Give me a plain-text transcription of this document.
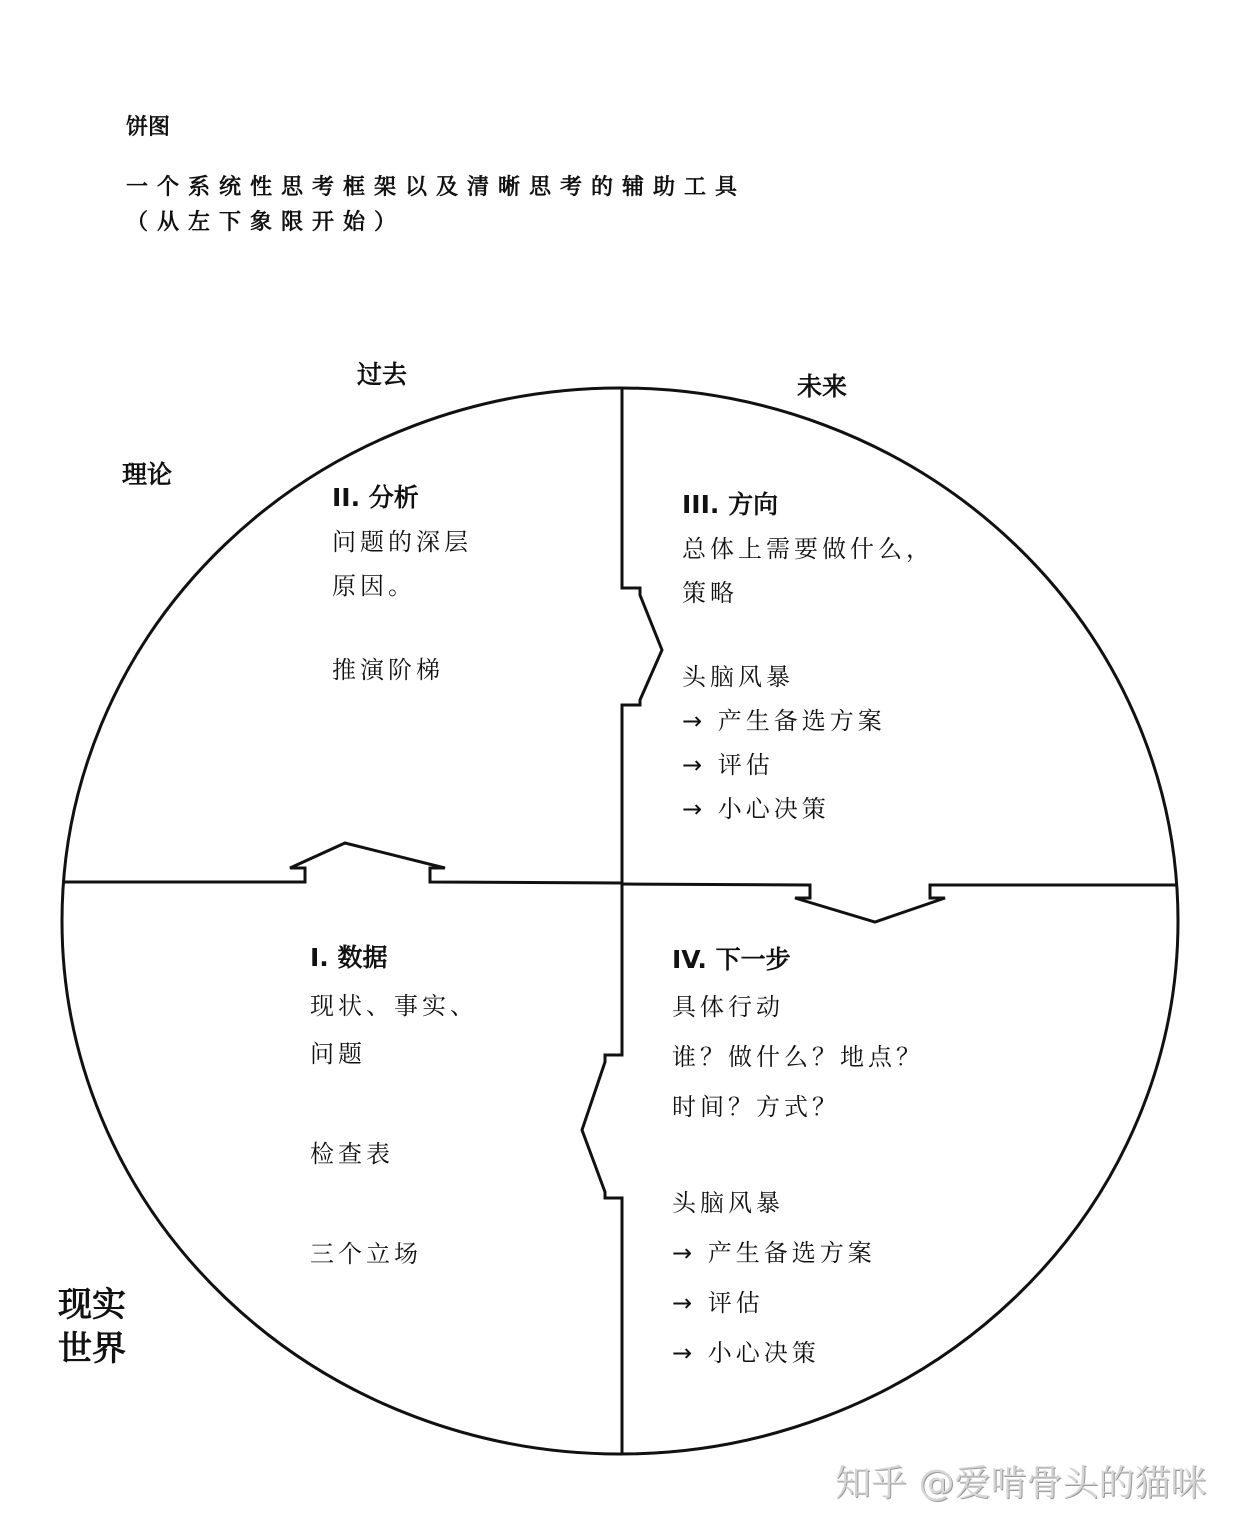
饼图
一个系统性思考框架以及清晰思考的辅助工具
（从左下象限开始）
过去	未来
理论
现实
世界
II. 分析
问题的深层
原因。
推演阶梯
III. 方向
总体上需要做什么，
策略
头脑风暴
→ 产生备选方案
→ 评估
→ 小心决策
I. 数据
现状、事实、
问题
检查表
三个立场
IV. 下一步
具体行动
谁？做什么？地点？
时间？方式？
头脑风暴
→ 产生备选方案
→ 评估
→ 小心决策
知乎 @爱啃骨头的猫咪
